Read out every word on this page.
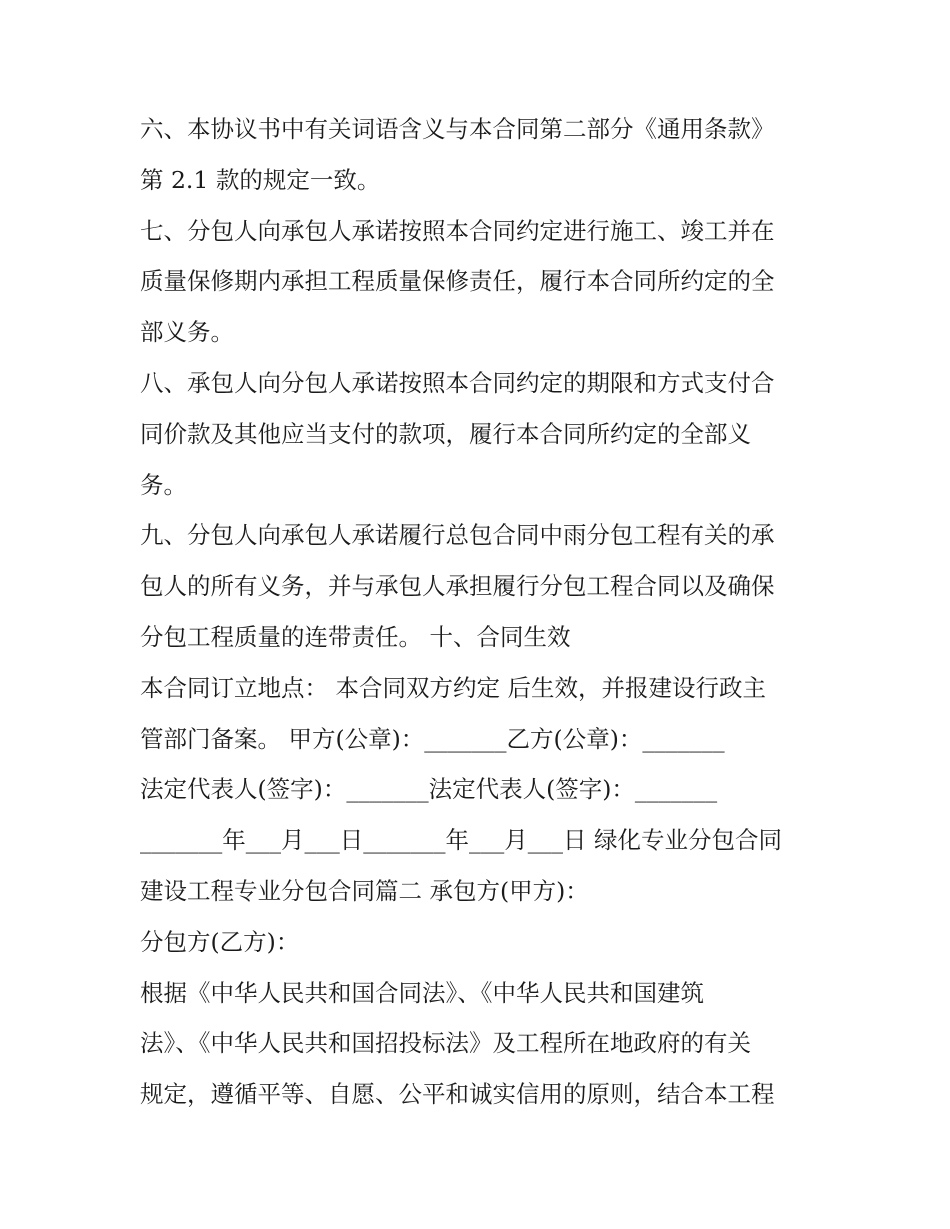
六、本协议书中有关词语含义与本合同第二部分《通用条款》
第 2.1 款的规定一致。
七、分包人向承包人承诺按照本合同约定进行施工、竣工并在
质量保修期内承担工程质量保修责任，履行本合同所约定的全
部义务。
八、承包人向分包人承诺按照本合同约定的期限和方式支付合
同价款及其他应当支付的款项，履行本合同所约定的全部义
务。
九、分包人向承包人承诺履行总包合同中雨分包工程有关的承
包人的所有义务，并与承包人承担履行分包工程合同以及确保
分包工程质量的连带责任。 十、合同生效
本合同订立地点： 本合同双方约定 后生效，并报建设行政主
管部门备案。 甲方(公章)：_______乙方(公章)：_______
法定代表人(签字)：_______法定代表人(签字)：_______
_______年___月___日_______年___月___日 绿化专业分包合同
建设工程专业分包合同篇二 承包方(甲方)：
分包方(乙方)：
根据《中华人民共和国合同法》、《中华人民共和国建筑
法》、《中华人民共和国招投标法》及工程所在地政府的有关
规定，遵循平等、自愿、公平和诚实信用的原则，结合本工程
